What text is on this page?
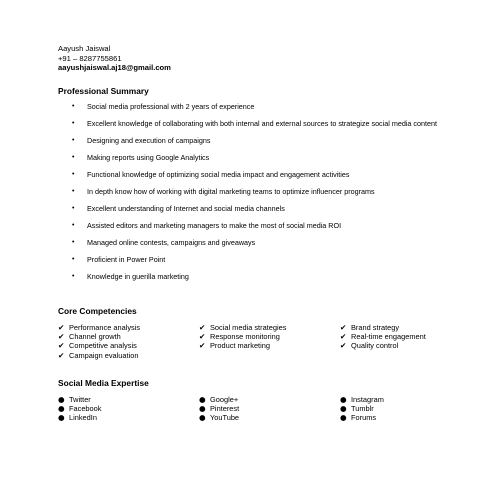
Aayush Jaiswal
+91 – 8287755861
aayushjaiswal.aj18@gmail.com
Professional Summary
• Social media professional with 2 years of experience
• Excellent knowledge of collaborating with both internal and external sources to strategize social media content
• Designing and execution of campaigns
• Making reports using Google Analytics
• Functional knowledge of optimizing social media impact and engagement activities
• In depth know how of working with digital marketing teams to optimize influencer programs
• Excellent understanding of Internet and social media channels
• Assisted editors and marketing managers to make the most of social media ROI
• Managed online contests, campaigns and giveaways
• Proficient in Power Point
• Knowledge in guerilla marketing
Core Competencies
✔ Performance analysis
✔ Channel growth
✔ Competitive analysis
✔ Campaign evaluation
✔ Social media strategies
✔ Response monitoring
✔ Product marketing
✔ Brand strategy
✔ Real-time engagement
✔ Quality control
Social Media Expertise
● Twitter
● Facebook
● LinkedIn
● Google+
● Pinterest
● YouTube
● Instagram
● Tumblr
● Forums
